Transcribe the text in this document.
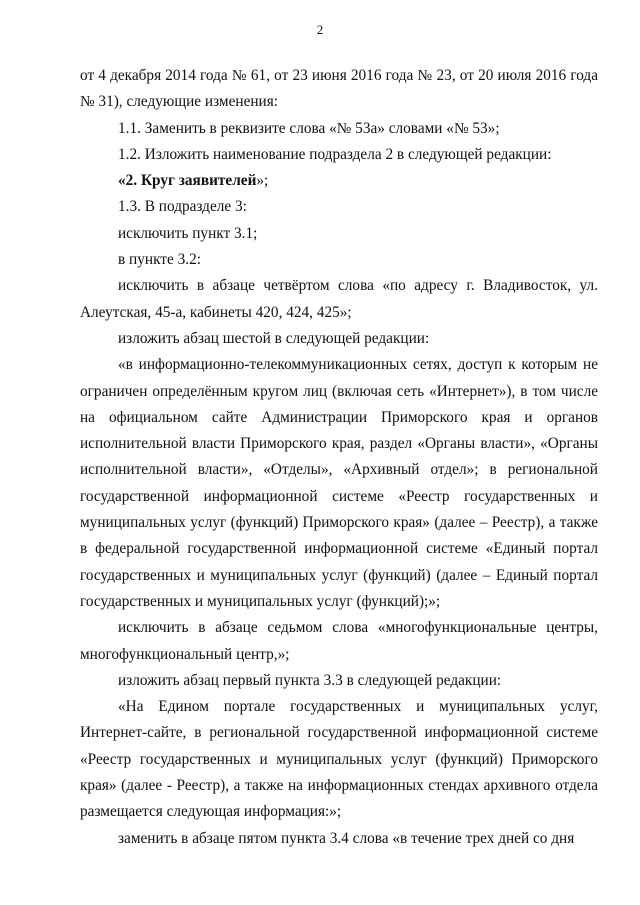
2

от 4 декабря 2014 года № 61, от 23 июня 2016 года № 23, от 20 июля 2016 года № 31), следующие изменения:

1.1. Заменить в реквизите слова «№ 53а» словами «№ 53»;

1.2. Изложить наименование подраздела 2 в следующей редакции:

«2. Круг заявителей»;

1.3. В подразделе 3:

исключить пункт 3.1;

в пункте 3.2:

исключить в абзаце четвёртом слова «по адресу г. Владивосток, ул. Алеутская, 45-а, кабинеты 420, 424, 425»;

изложить абзац шестой в следующей редакции:

«в информационно-телекоммуникационных сетях, доступ к которым не ограничен определённым кругом лиц (включая сеть «Интернет»), в том числе на официальном сайте Администрации Приморского края и органов исполнительной власти Приморского края, раздел «Органы власти», «Органы исполнительной власти», «Отделы», «Архивный отдел»; в региональной государственной информационной системе «Реестр государственных и муниципальных услуг (функций) Приморского края» (далее – Реестр), а также в федеральной государственной информационной системе «Единый портал государственных и муниципальных услуг (функций) (далее – Единый портал государственных и муниципальных услуг (функций);»;

исключить в абзаце седьмом слова «многофункциональные центры, многофункциональный центр,»;

изложить абзац первый пункта 3.3 в следующей редакции:

«На Едином портале государственных и муниципальных услуг, Интернет-сайте, в региональной государственной информационной системе «Реестр государственных и муниципальных услуг (функций) Приморского края» (далее - Реестр), а также на информационных стендах архивного отдела размещается следующая информация:»;

заменить в абзаце пятом пункта 3.4 слова «в течение трех дней со дня
